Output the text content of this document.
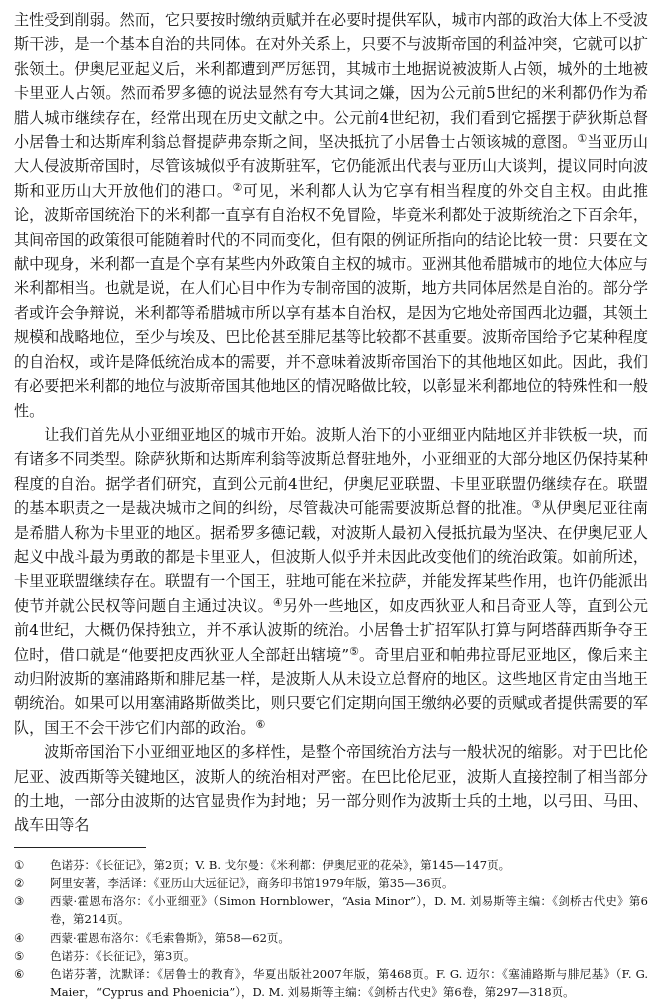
主性受到削弱。然而，它只要按时缴纳贡赋并在必要时提供军队，城市内部的政治大体上不受波斯干涉，是一个基本自治的共同体。在对外关系上，只要不与波斯帝国的利益冲突，它就可以扩张领土。伊奥尼亚起义后，米利都遭到严厉惩罚，其城市土地据说被波斯人占领，城外的土地被卡里亚人占领。然而希罗多德的说法显然有夸大其词之嫌，因为公元前5世纪的米利都仍作为希腊人城市继续存在，经常出现在历史文献之中。公元前4世纪初，我们看到它摇摆于萨狄斯总督小居鲁士和达斯库利翁总督提萨弗奈斯之间，坚决抵抗了小居鲁士占领该城的意图。①当亚历山大人侵波斯帝国时，尽管该城似乎有波斯驻军，它仍能派出代表与亚历山大谈判，提议同时向波斯和亚历山大开放他们的港口。②可见，米利都人认为它享有相当程度的外交自主权。由此推论，波斯帝国统治下的米利都一直享有自治权不免冒险，毕竟米利都处于波斯统治之下百余年，其间帝国的政策很可能随着时代的不同而变化，但有限的例证所指向的结论比较一贯：只要在文献中现身，米利都一直是个享有某些内外政策自主权的城市。亚洲其他希腊城市的地位大体应与米利都相当。也就是说，在人们心目中作为专制帝国的波斯，地方共同体居然是自治的。部分学者或许会争辩说，米利都等希腊城市所以享有基本自治权，是因为它地处帝国西北边疆，其领土规模和战略地位，至少与埃及、巴比伦甚至腓尼基等比较都不甚重要。波斯帝国给予它某种程度的自治权，或许是降低统治成本的需要，并不意味着波斯帝国治下的其他地区如此。因此，我们有必要把米利都的地位与波斯帝国其他地区的情况略做比较，以彰显米利都地位的特殊性和一般性。

让我们首先从小亚细亚地区的城市开始。波斯人治下的小亚细亚内陆地区并非铁板一块，而有诸多不同类型。除萨狄斯和达斯库利翁等波斯总督驻地外，小亚细亚的大部分地区仍保持某种程度的自治。据学者们研究，直到公元前4世纪，伊奥尼亚联盟、卡里亚联盟仍继续存在。联盟的基本职责之一是裁决城市之间的纠纷，尽管裁决可能需要波斯总督的批准。③从伊奥尼亚往南是希腊人称为卡里亚的地区。据希罗多德记载，对波斯人最初入侵抵抗最为坚决、在伊奥尼亚人起义中战斗最为勇敢的都是卡里亚人，但波斯人似乎并未因此改变他们的统治政策。如前所述，卡里亚联盟继续存在。联盟有一个国王，驻地可能在米拉萨，并能发挥某些作用，也许仍能派出使节并就公民权等问题自主通过决议。④另外一些地区，如皮西狄亚人和吕奇亚人等，直到公元前4世纪，大概仍保持独立，并不承认波斯的统治。小居鲁士扩招军队打算与阿塔薛西斯争夺王位时，借口就是“他要把皮西狄亚人全部赶出辖境”⑤。奇里启亚和帕弗拉哥尼亚地区，像后来主动归附波斯的塞浦路斯和腓尼基一样，是波斯人从未设立总督府的地区。这些地区肯定由当地王朝统治。如果可以用塞浦路斯做类比，则只要它们定期向国王缴纳必要的贡赋或者提供需要的军队，国王不会干涉它们内部的政治。⑥

波斯帝国治下小亚细亚地区的多样性，是整个帝国统治方法与一般状况的缩影。对于巴比伦尼亚、波西斯等关键地区，波斯人的统治相对严密。在巴比伦尼亚，波斯人直接控制了相当部分的土地，一部分由波斯的达官显贵作为封地；另一部分则作为波斯士兵的土地，以弓田、马田、战车田等名

①	色诺芬：《长征记》，第2页；V. B. 戈尔曼：《米利都：伊奥尼亚的花朵》，第145—147页。
②	阿里安著，李活译：《亚历山大远征记》，商务印书馆1979年版，第35—36页。
③	西蒙·霍恩布洛尔：《小亚细亚》（Simon Hornblower，“Asia Minor”），D. M. 刘易斯等主编：《剑桥古代史》第6卷，第214页。
④	西蒙·霍恩布洛尔：《毛索鲁斯》，第58—62页。
⑤	色诺芬：《长征记》，第3页。
⑥	色诺芬著，沈默译：《居鲁士的教育》，华夏出版社2007年版，第468页。F. G. 迈尔：《塞浦路斯与腓尼基》（F. G. Maier，“Cyprus and Phoenicia”），D. M. 刘易斯等主编：《剑桥古代史》第6卷，第297—318页。
